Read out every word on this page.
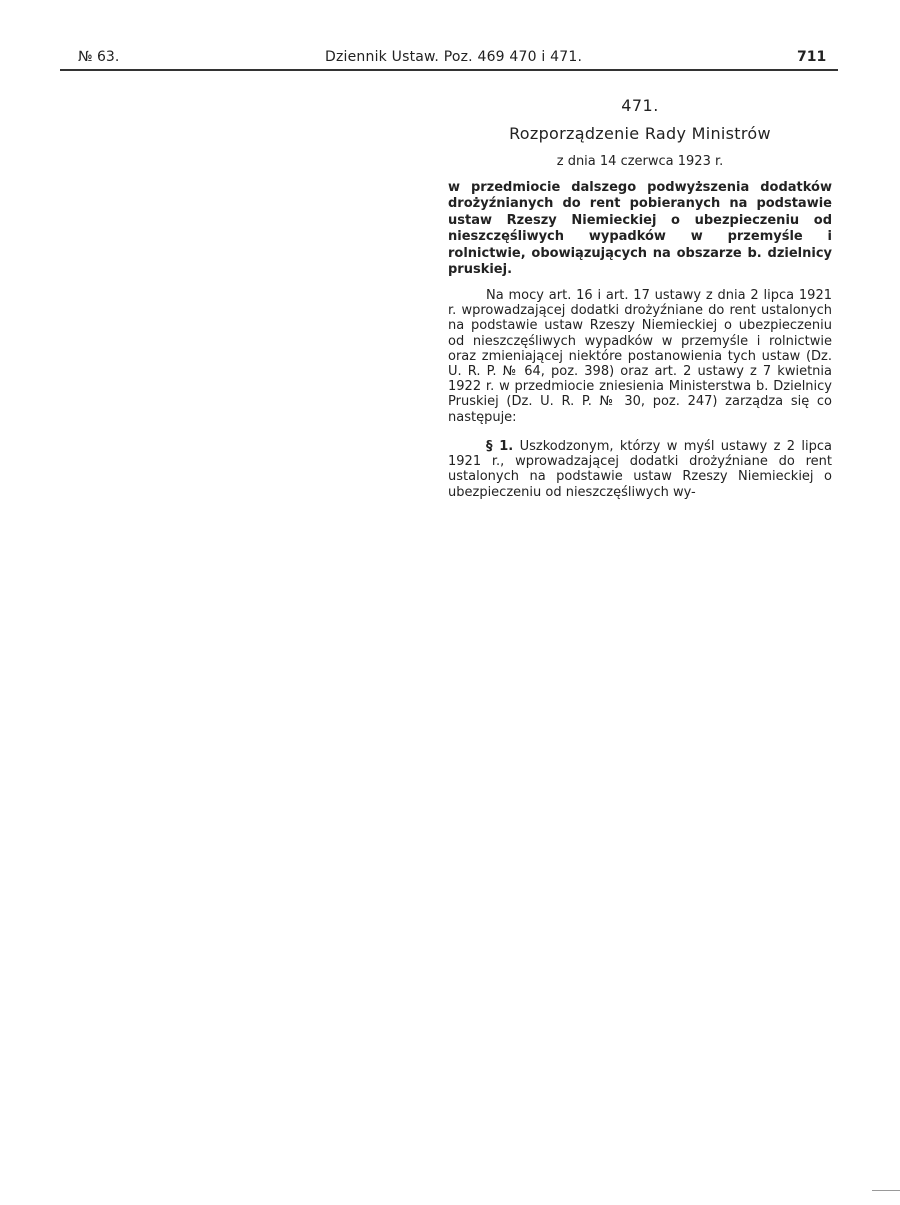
№ 63.	Dziennik Ustaw. Poz. 469 470 i 471.	711
471.
Rozporządzenie Rady Ministrów
z dnia 14 czerwca 1923 r.
w przedmiocie dalszego podwyższenia dodatków drożyźnianych do rent pobieranych na podstawie ustaw Rzeszy Niemieckiej o ubezpieczeniu od nieszczęśliwych wypadków w przemyśle i rolnictwie, obowiązujących na obszarze b. dzielnicy pruskiej.
Na mocy art. 16 i art. 17 ustawy z dnia 2 lipca 1921 r. wprowadzającej dodatki drożyźniane do rent ustalonych na podstawie ustaw Rzeszy Niemieckiej o ubezpieczeniu od nieszczęśliwych wypadków w przemyśle i rolnictwie oraz zmieniającej niektóre postanowienia tych ustaw (Dz. U. R. P. № 64, poz. 398) oraz art. 2 ustawy z 7 kwietnia 1922 r. w przedmiocie zniesienia Ministerstwa b. Dzielnicy Pruskiej (Dz. U. R. P. № 30, poz. 247) zarządza się co następuje:
§ 1. Uszkodzonym, którzy w myśl ustawy z 2 lipca 1921 r., wprowadzającej dodatki drożyźniane do rent ustalonych na podstawie ustaw Rzeszy Niemieckiej o ubezpieczeniu od nieszczęśliwych wy-
